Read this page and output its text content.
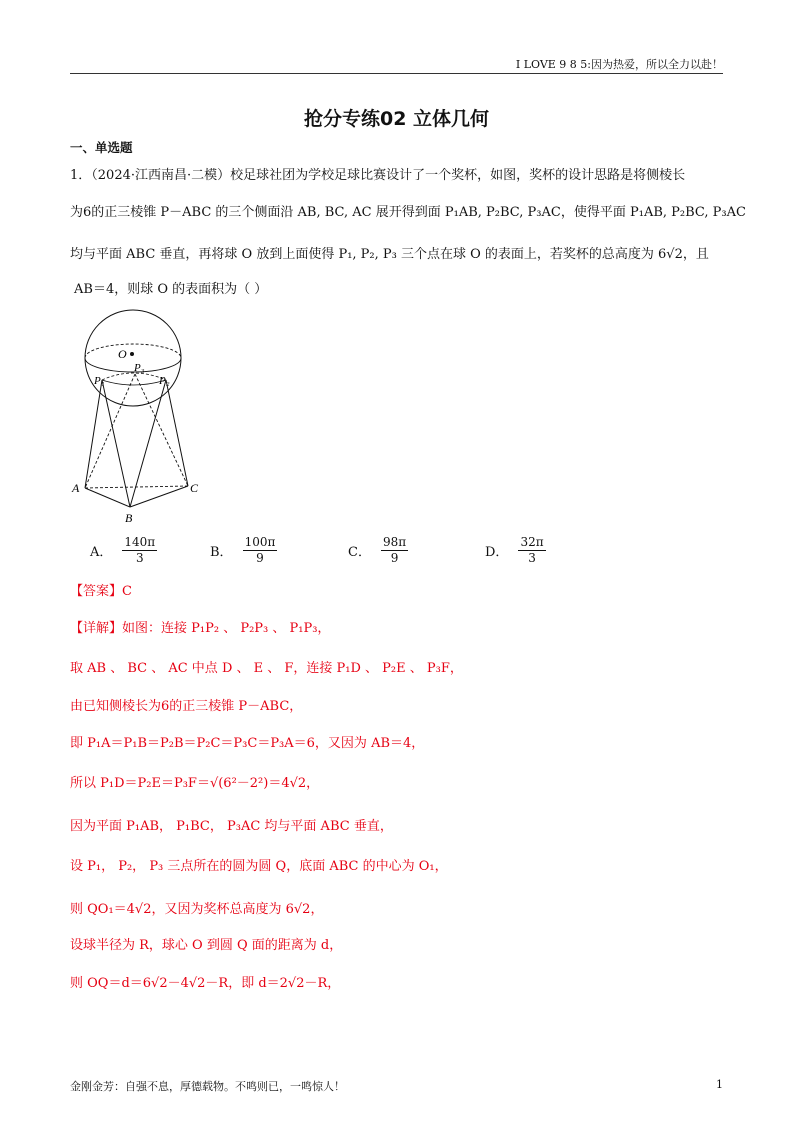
I LOVE 9 8 5:因为热爱，所以全力以赴！
抢分专练02 立体几何
一、单选题
1．（2024·江西南昌·二模）校足球社团为学校足球比赛设计了一个奖杯，如图，奖杯的设计思路是将侧棱长
为6的正三棱锥 P－ABC 的三个侧面沿 AB, BC, AC 展开得到面 P₁AB, P₂BC, P₃AC，使得平面 P₁AB, P₂BC, P₃AC
均与平面 ABC 垂直，再将球 O 放到上面使得 P₁, P₂, P₃ 三个点在球 O 的表面上，若奖杯的总高度为 6√2，且
AB＝4，则球 O 的表面积为（ ）
O
P₃
P₁	P₂
A
B
C
A． $\frac{140\pi}{3}$	B． $\frac{100\pi}{9}$	C． $\frac{98\pi}{9}$	D． $\frac{32\pi}{3}$
【答案】C
【详解】如图：连接 P₁P₂ 、 P₂P₃ 、 P₁P₃，
取 AB 、 BC 、 AC 中点 D 、 E 、 F，连接 P₁D 、 P₂E 、 P₃F，
由已知侧棱长为6的正三棱锥 P－ABC，
即 P₁A＝P₁B＝P₂B＝P₂C＝P₃C＝P₃A＝6，又因为 AB＝4，
所以 P₁D＝P₂E＝P₃F＝√(6²－2²)＝4√2，
因为平面 P₁AB， P₁BC， P₃AC 均与平面 ABC 垂直，
设 P₁， P₂， P₃ 三点所在的圆为圆 Q，底面 ABC 的中心为 O₁，
则 QO₁＝4√2，又因为奖杯总高度为 6√2，
设球半径为 R，球心 O 到圆 Q 面的距离为 d，
则 OQ＝d＝6√2－4√2－R，即 d＝2√2－R，
金刚金芳：自强不息，厚德载物。不鸣则已，一鸣惊人！	1
